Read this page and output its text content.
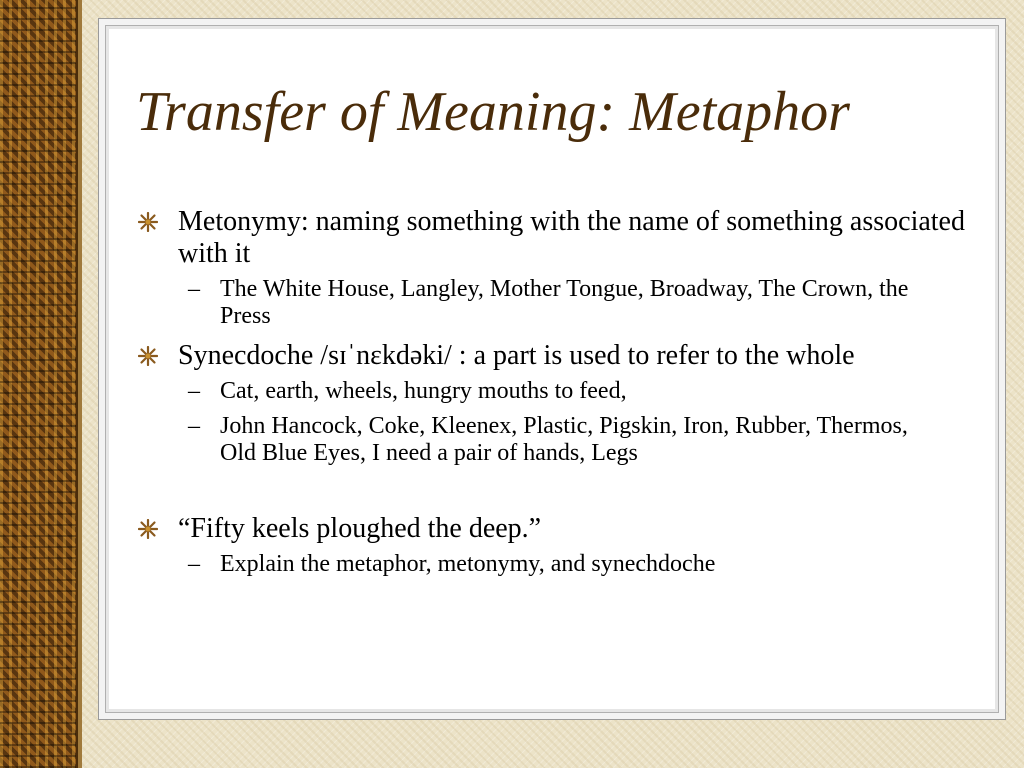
Transfer of Meaning: Metaphor
Metonymy: naming something with the name of something associated with it
– The White House, Langley, Mother Tongue, Broadway, The Crown, the Press
Synecdoche /sɪˈnɛkdəki/ : a part is used to refer to the whole
– Cat, earth, wheels, hungry mouths to feed,
– John Hancock, Coke, Kleenex, Plastic, Pigskin, Iron, Rubber, Thermos, Old Blue Eyes, I need a pair of hands, Legs
“Fifty keels ploughed the deep.”
– Explain the metaphor, metonymy, and synechdoche
